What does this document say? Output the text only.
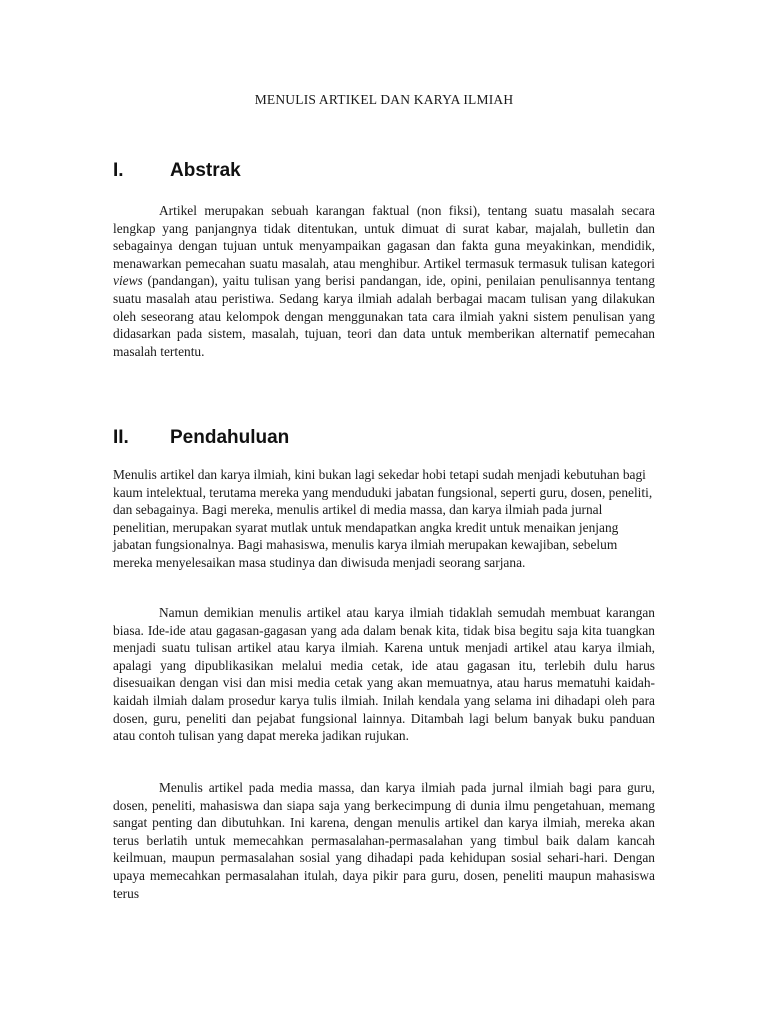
MENULIS ARTIKEL DAN KARYA ILMIAH
I. Abstrak

Artikel merupakan sebuah karangan faktual (non fiksi), tentang suatu masalah secara lengkap yang panjangnya tidak ditentukan, untuk dimuat di surat kabar, majalah, bulletin dan sebagainya dengan tujuan untuk menyampaikan gagasan dan fakta guna meyakinkan, mendidik, menawarkan pemecahan suatu masalah, atau menghibur. Artikel termasuk termasuk tulisan kategori views (pandangan), yaitu tulisan yang berisi pandangan, ide, opini, penilaian penulisannya tentang suatu masalah atau peristiwa. Sedang karya ilmiah adalah berbagai macam tulisan yang dilakukan oleh seseorang atau kelompok dengan menggunakan tata cara ilmiah yakni sistem penulisan yang didasarkan pada sistem, masalah, tujuan, teori dan data untuk memberikan alternatif pemecahan masalah tertentu.

II. Pendahuluan

Menulis artikel dan karya ilmiah, kini bukan lagi sekedar hobi tetapi sudah menjadi kebutuhan bagi kaum intelektual, terutama mereka yang menduduki jabatan fungsional, seperti guru, dosen, peneliti, dan sebagainya. Bagi mereka, menulis artikel di media massa, dan karya ilmiah pada jurnal penelitian, merupakan syarat mutlak untuk mendapatkan angka kredit untuk menaikan jenjang jabatan fungsionalnya. Bagi mahasiswa, menulis karya ilmiah merupakan kewajiban, sebelum mereka menyelesaikan masa studinya dan diwisuda menjadi seorang sarjana.

Namun demikian menulis artikel atau karya ilmiah tidaklah semudah membuat karangan biasa. Ide-ide atau gagasan-gagasan yang ada dalam benak kita, tidak bisa begitu saja kita tuangkan menjadi suatu tulisan artikel atau karya ilmiah. Karena untuk menjadi artikel atau karya ilmiah, apalagi yang dipublikasikan melalui media cetak, ide atau gagasan itu, terlebih dulu harus disesuaikan dengan visi dan misi media cetak yang akan memuatnya, atau harus mematuhi kaidah-kaidah ilmiah dalam prosedur karya tulis ilmiah. Inilah kendala yang selama ini dihadapi oleh para dosen, guru, peneliti dan pejabat fungsional lainnya. Ditambah lagi belum banyak buku panduan atau contoh tulisan yang dapat mereka jadikan rujukan.

Menulis artikel pada media massa, dan karya ilmiah pada jurnal ilmiah bagi para guru, dosen, peneliti, mahasiswa dan siapa saja yang berkecimpung di dunia ilmu pengetahuan, memang sangat penting dan dibutuhkan. Ini karena, dengan menulis artikel dan karya ilmiah, mereka akan terus berlatih untuk memecahkan permasalahan-permasalahan yang timbul baik dalam kancah keilmuan, maupun permasalahan sosial yang dihadapi pada kehidupan sosial sehari-hari. Dengan upaya memecahkan permasalahan itulah, daya pikir para guru, dosen, peneliti maupun mahasiswa terus
